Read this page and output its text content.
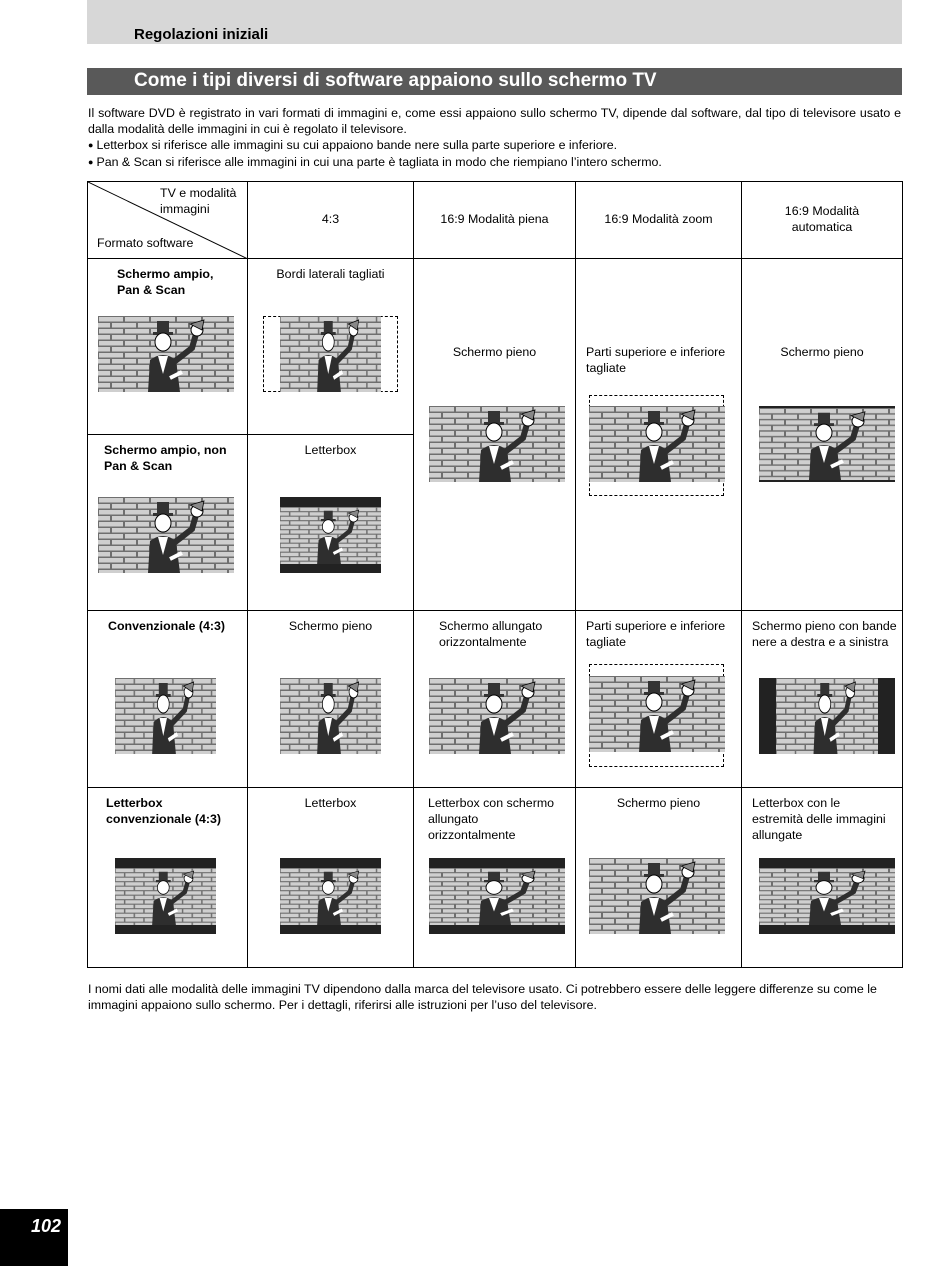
Regolazioni iniziali
Come i tipi diversi di software appaiono sullo schermo TV

Il software DVD è registrato in vari formati di immagini e, come essi appaiono sullo schermo TV, dipende dal software, dal tipo di televisore usato e dalla modalità delle immagini in cui è regolato il televisore.

● Letterbox si riferisce alle immagini su cui appaiono bande nere sulla parte superiore e inferiore.

● Pan & Scan si riferisce alle immagini in cui una parte è tagliata in modo che riempiano l’intero schermo.

TV e modalità immagini
Formato software	4:3	16:9 Modalità piena	16:9 Modalità zoom	16:9 Modalità automatica

Schermo ampio, Pan & Scan	Bordi laterali tagliati	Schermo pieno	Parti superiore e inferiore tagliate	Schermo pieno

Schermo ampio, non Pan & Scan	Letterbox			

Convenzionale (4:3)	Schermo pieno	Schermo allungato orizzontalmente	Parti superiore e inferiore tagliate	Schermo pieno con bande nere a destra e a sinistra

Letterbox convenzionale (4:3)	Letterbox	Letterbox con schermo allungato orizzontalmente	Schermo pieno	Letterbox con le estremità delle immagini allungate
I nomi dati alle modalità delle immagini TV dipendono dalla marca del televisore usato. Ci potrebbero essere delle leggere differenze su come le immagini appaiono sullo schermo. Per i dettagli, riferirsi alle istruzioni per l’uso del televisore.
102
